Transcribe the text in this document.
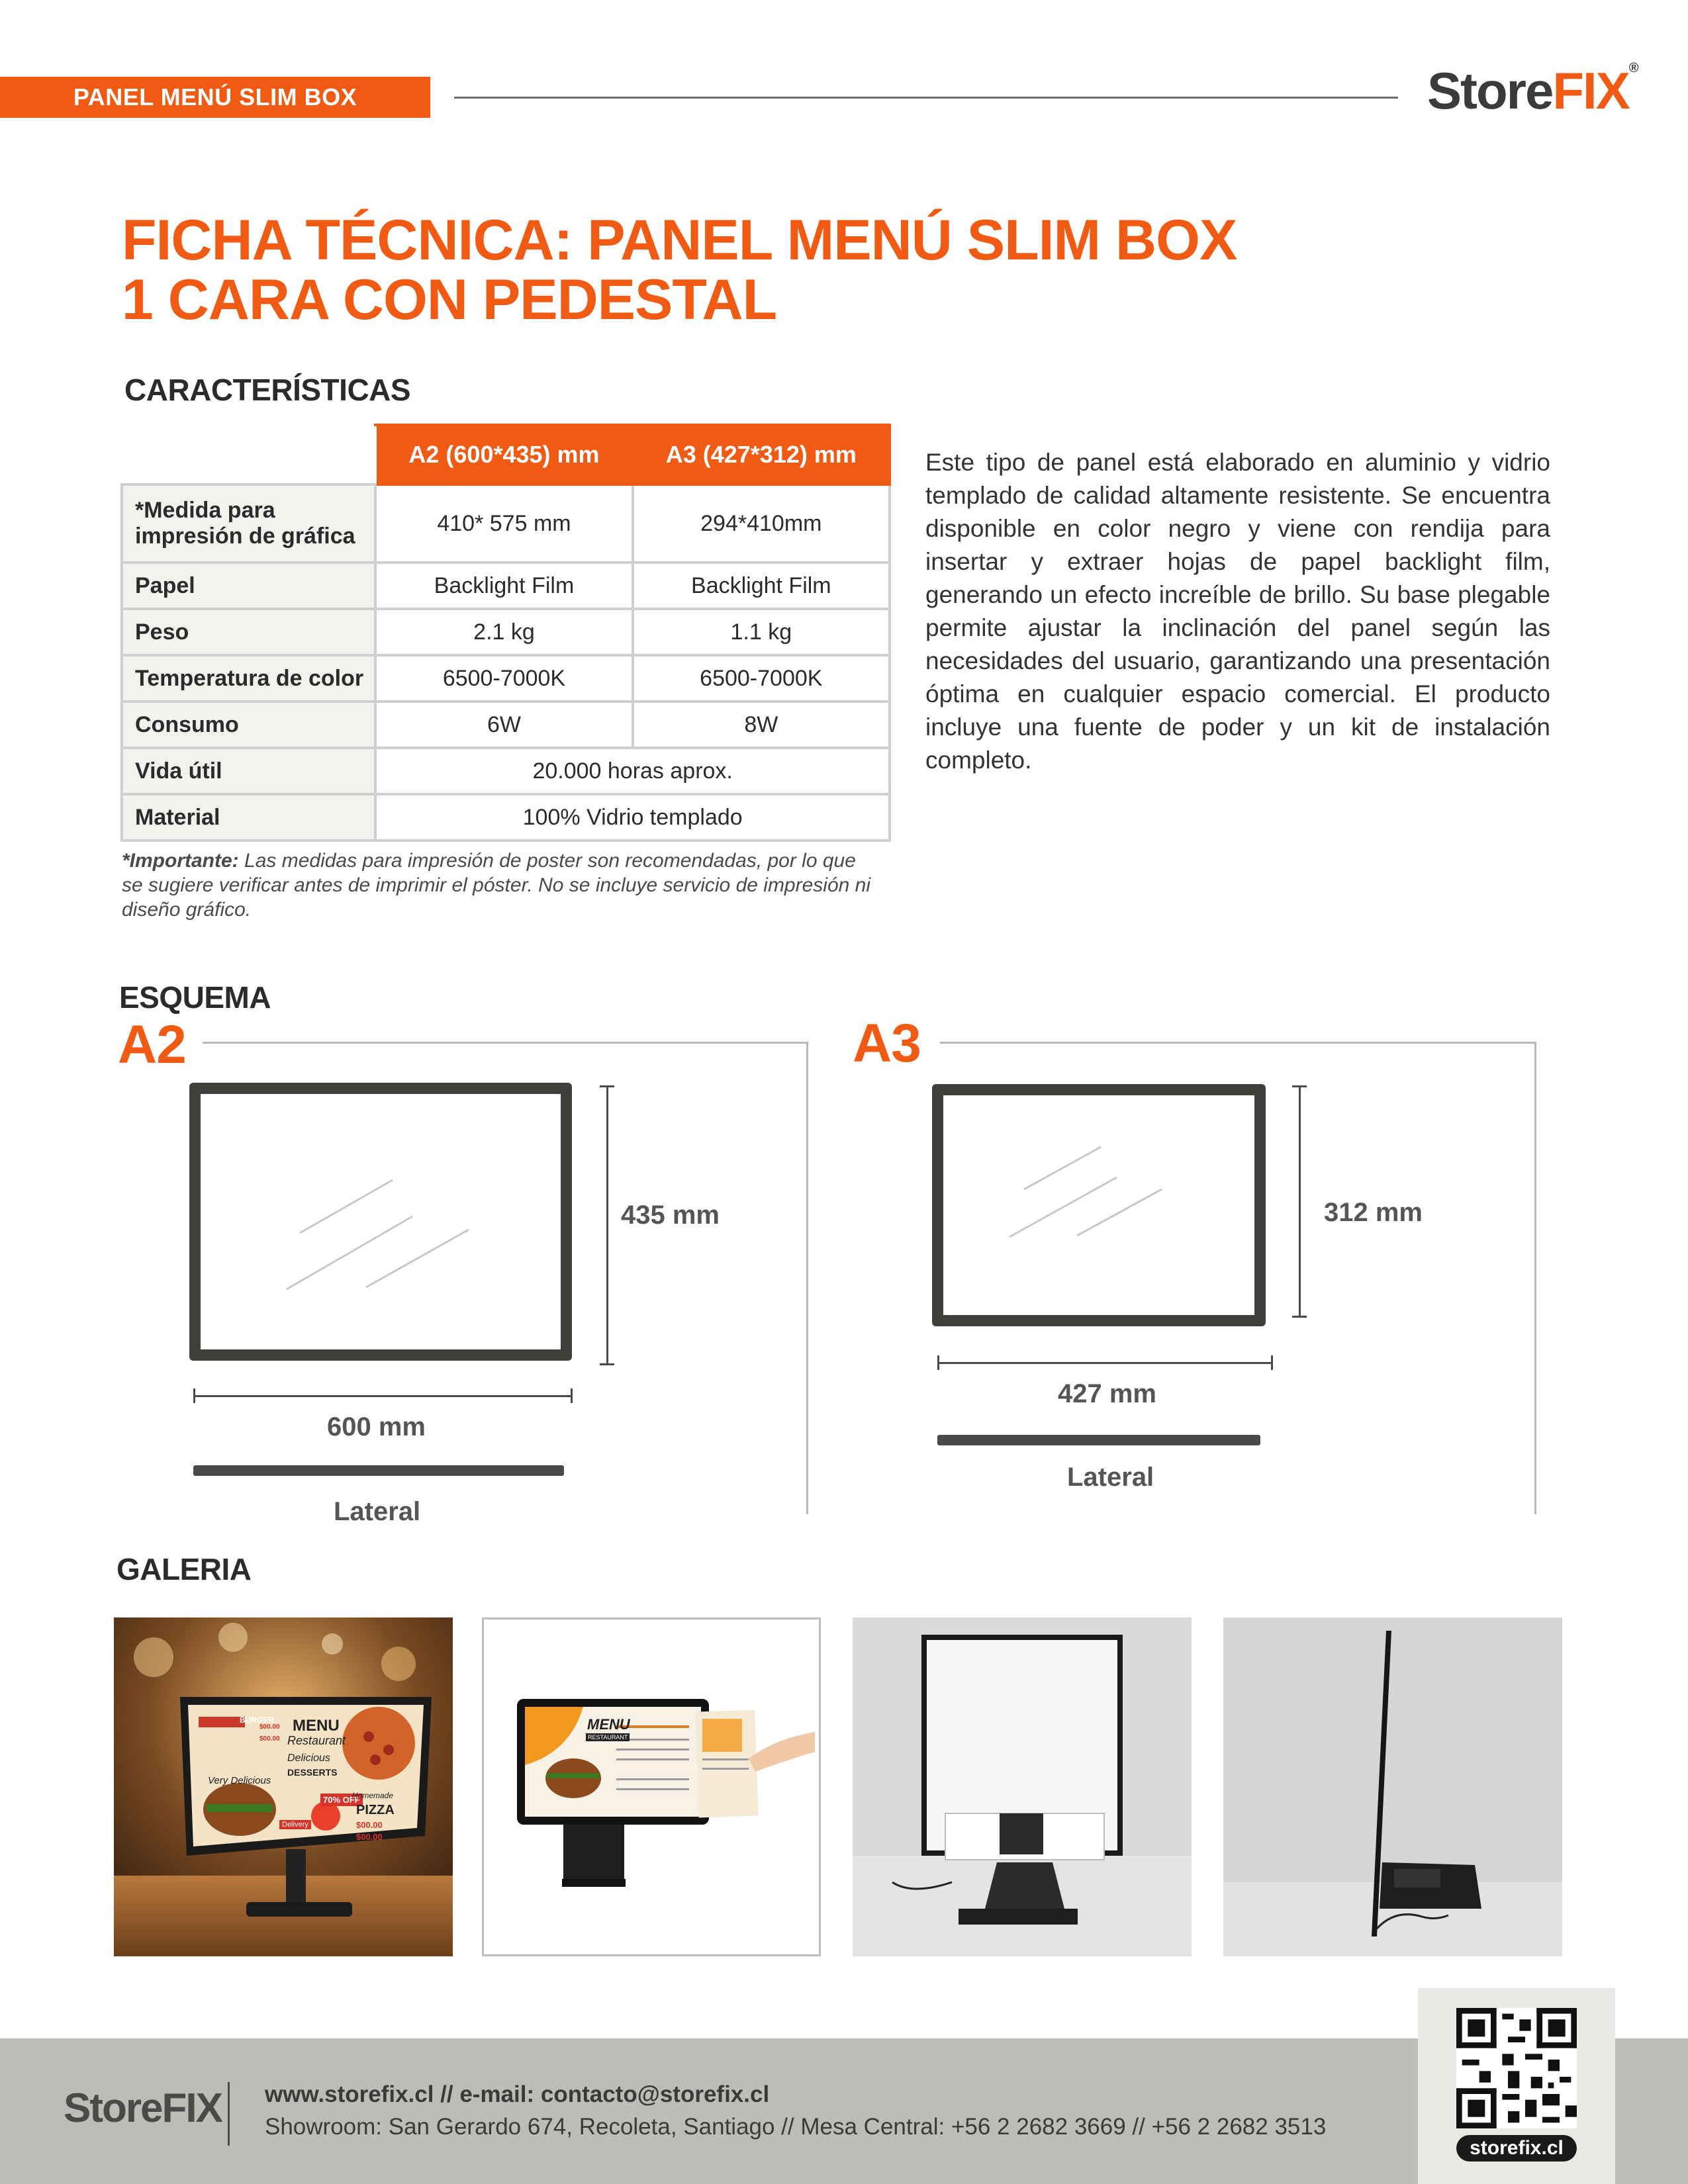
PANEL MENÚ SLIM BOX	StoreFIX®
FICHA TÉCNICA: PANEL MENÚ SLIM BOX
1 CARA CON PEDESTAL
CARACTERÍSTICAS
	A2 (600*435) mm	A3 (427*312) mm
*Medida para impresión de gráfica	410* 575 mm	294*410mm
Papel	Backlight Film	Backlight Film
Peso	2.1 kg	1.1 kg
Temperatura de color	6500-7000K	6500-7000K
Consumo	6W	8W
Vida útil	20.000 horas aprox.	
Material	100% Vidrio templado	
*Importante: Las medidas para impresión de poster son recomendadas, por lo que se sugiere verificar antes de imprimir el póster. No se incluye servicio de impresión ni diseño gráfico.
Este tipo de panel está elaborado en aluminio y vidrio templado de calidad altamente resistente. Se encuentra disponible en color negro y viene con rendija para insertar y extraer hojas de papel backlight film, generando un efecto increíble de brillo. Su base plegable permite ajustar la inclinación del panel según las necesidades del usuario, garantizando una presentación óptima en cualquier espacio comercial. El producto incluye una fuente de poder y un kit de instalación completo.
ESQUEMA
A2
435 mm
600 mm
Lateral
A3
312 mm
427 mm
Lateral
GALERIA
BURGER MENU
Restaurant
Delicious
DESSERTS
Very Delicious
70% OFF
Delivery
Homemade
PIZZA
$00.00
$00.00
$00.00
$00.00
MENU
RESTAURANT
storefix.cl
StoreFIX www.storefix.cl // e-mail: contacto@storefix.cl
Showroom: San Gerardo 674, Recoleta, Santiago // Mesa Central: +56 2 2682 3669 // +56 2 2682 3513
